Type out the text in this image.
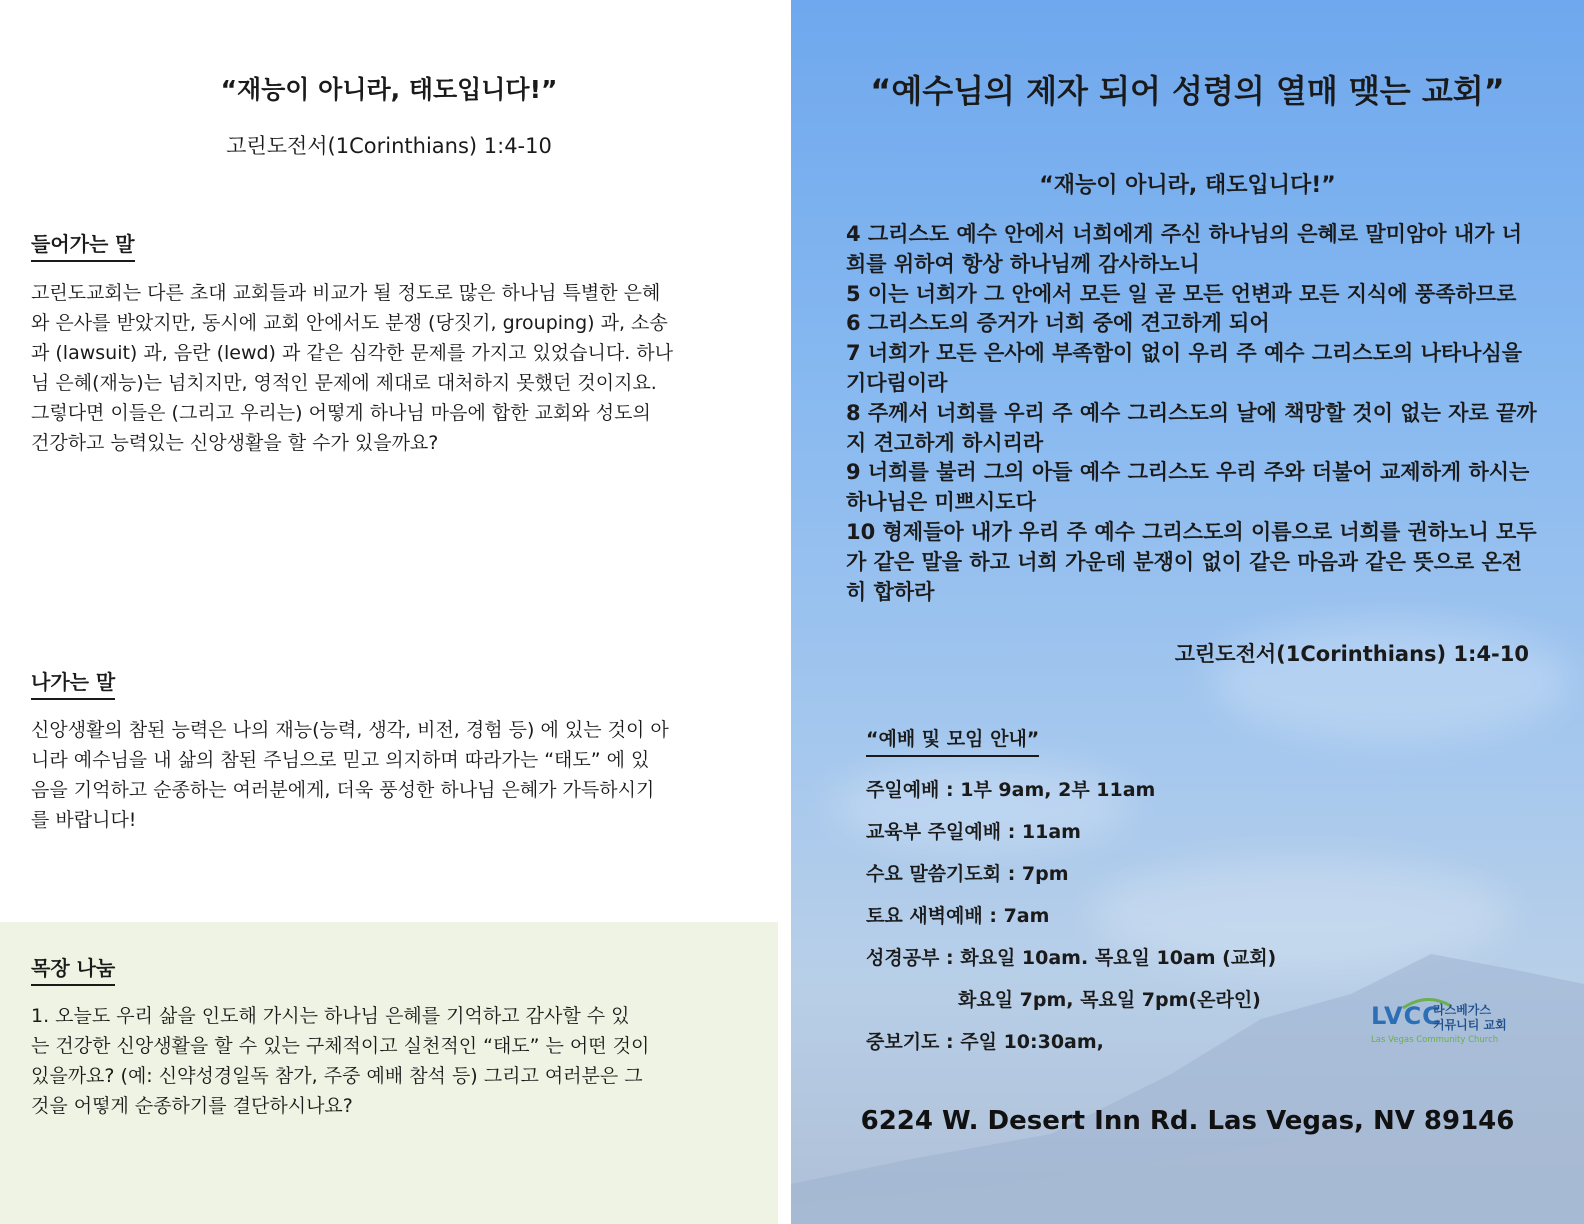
“재능이 아니라, 태도입니다!”
고린도전서(1Corinthians) 1:4-10
들어가는 말
고린도교회는 다른 초대 교회들과 비교가 될 정도로 많은 하나님 특별한 은혜
와 은사를 받았지만, 동시에 교회 안에서도 분쟁 (당짓기, grouping) 과, 소송
과 (lawsuit) 과, 음란 (lewd) 과 같은 심각한 문제를 가지고 있었습니다. 하나
님 은혜(재능)는 넘치지만, 영적인 문제에 제대로 대처하지 못했던 것이지요.
그렇다면 이들은 (그리고 우리는) 어떻게 하나님 마음에 합한 교회와 성도의
건강하고 능력있는 신앙생활을 할 수가 있을까요?
나가는 말
신앙생활의 참된 능력은 나의 재능(능력, 생각, 비전, 경험 등) 에 있는 것이 아
니라 예수님을 내 삶의 참된 주님으로 믿고 의지하며 따라가는 “태도” 에 있
음을 기억하고 순종하는 여러분에게, 더욱 풍성한 하나님 은혜가 가득하시기
를 바랍니다!
목장 나눔
1. 오늘도 우리 삶을 인도해 가시는 하나님 은혜를 기억하고 감사할 수 있
는 건강한 신앙생활을 할 수 있는 구체적이고 실천적인 “태도” 는 어떤 것이
있을까요? (예: 신약성경일독 참가, 주중 예배 참석 등) 그리고 여러분은 그
것을 어떻게 순종하기를 결단하시나요?
“예수님의 제자 되어 성령의 열매 맺는 교회”
“재능이 아니라, 태도입니다!”
4 그리스도 예수 안에서 너희에게 주신 하나님의 은혜로 말미암아 내가 너
희를 위하여 항상 하나님께 감사하노니
5 이는 너희가 그 안에서 모든 일 곧 모든 언변과 모든 지식에 풍족하므로
6 그리스도의 증거가 너희 중에 견고하게 되어
7 너희가 모든 은사에 부족함이 없이 우리 주 예수 그리스도의 나타나심을
기다림이라
8 주께서 너희를 우리 주 예수 그리스도의 날에 책망할 것이 없는 자로 끝까
지 견고하게 하시리라
9 너희를 불러 그의 아들 예수 그리스도 우리 주와 더불어 교제하게 하시는
하나님은 미쁘시도다
10 형제들아 내가 우리 주 예수 그리스도의 이름으로 너희를 권하노니 모두
가 같은 말을 하고 너희 가운데 분쟁이 없이 같은 마음과 같은 뜻으로 온전
히 합하라
고린도전서(1Corinthians) 1:4-10
“예배 및 모임 안내”
주일예배 : 1부 9am, 2부 11am
교육부 주일예배 : 11am
수요 말씀기도회 : 7pm
토요 새벽예배 : 7am
성경공부 : 화요일 10am. 목요일 10am (교회)
화요일 7pm, 목요일 7pm(온라인)
중보기도 : 주일 10:30am,
LVCC
라스베가스
커뮤니티 교회
Las Vegas Community Church
6224 W. Desert Inn Rd. Las Vegas, NV 89146
